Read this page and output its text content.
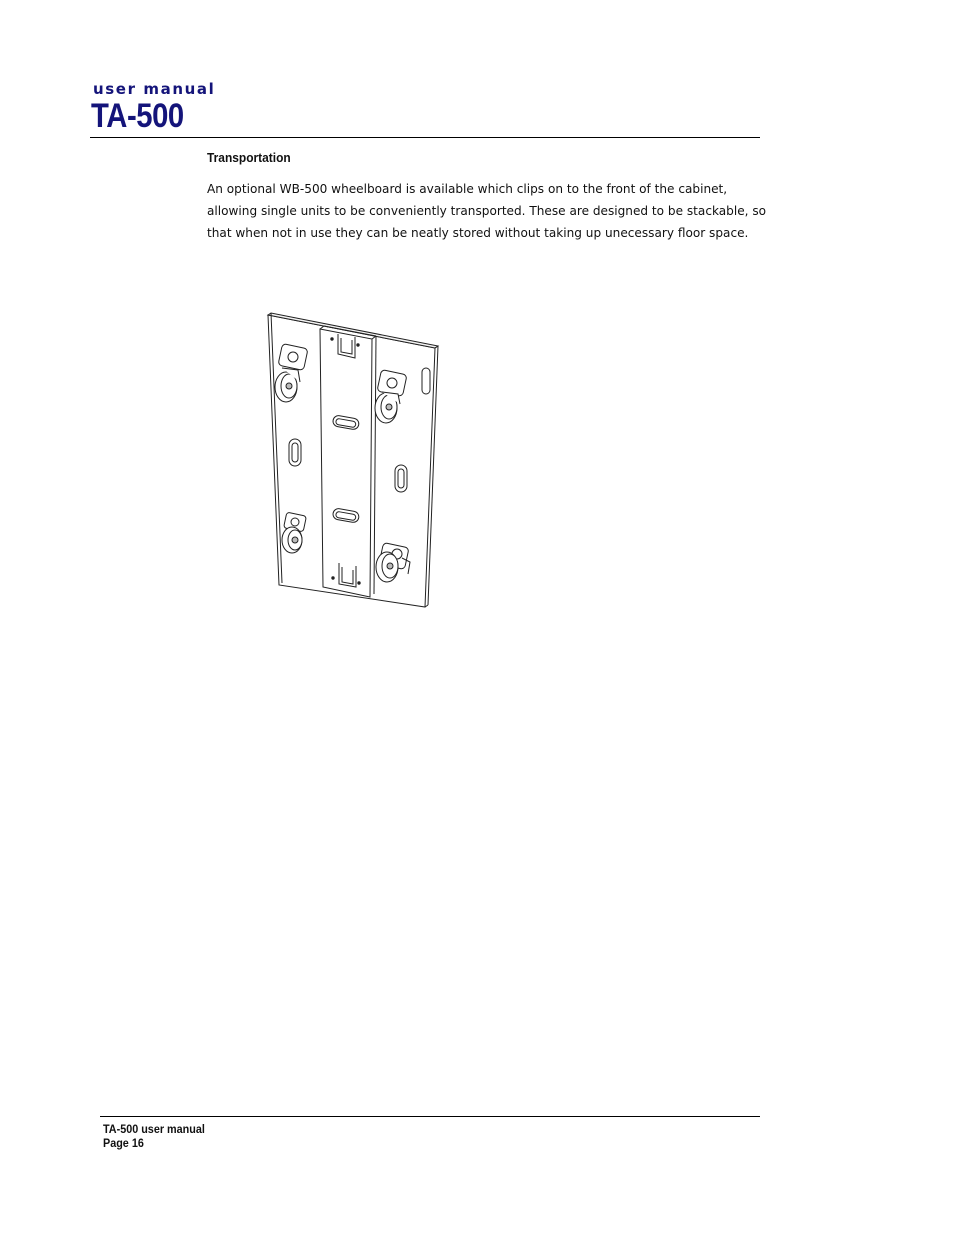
user manual
TA-500
Transportation
An optional WB-500 wheelboard is available which clips on to the front of the cabinet,
allowing single units to be conveniently transported. These are designed to be stackable, so
that when not in use they can be neatly stored without taking up unecessary floor space.
TA-500 user manual
Page 16
